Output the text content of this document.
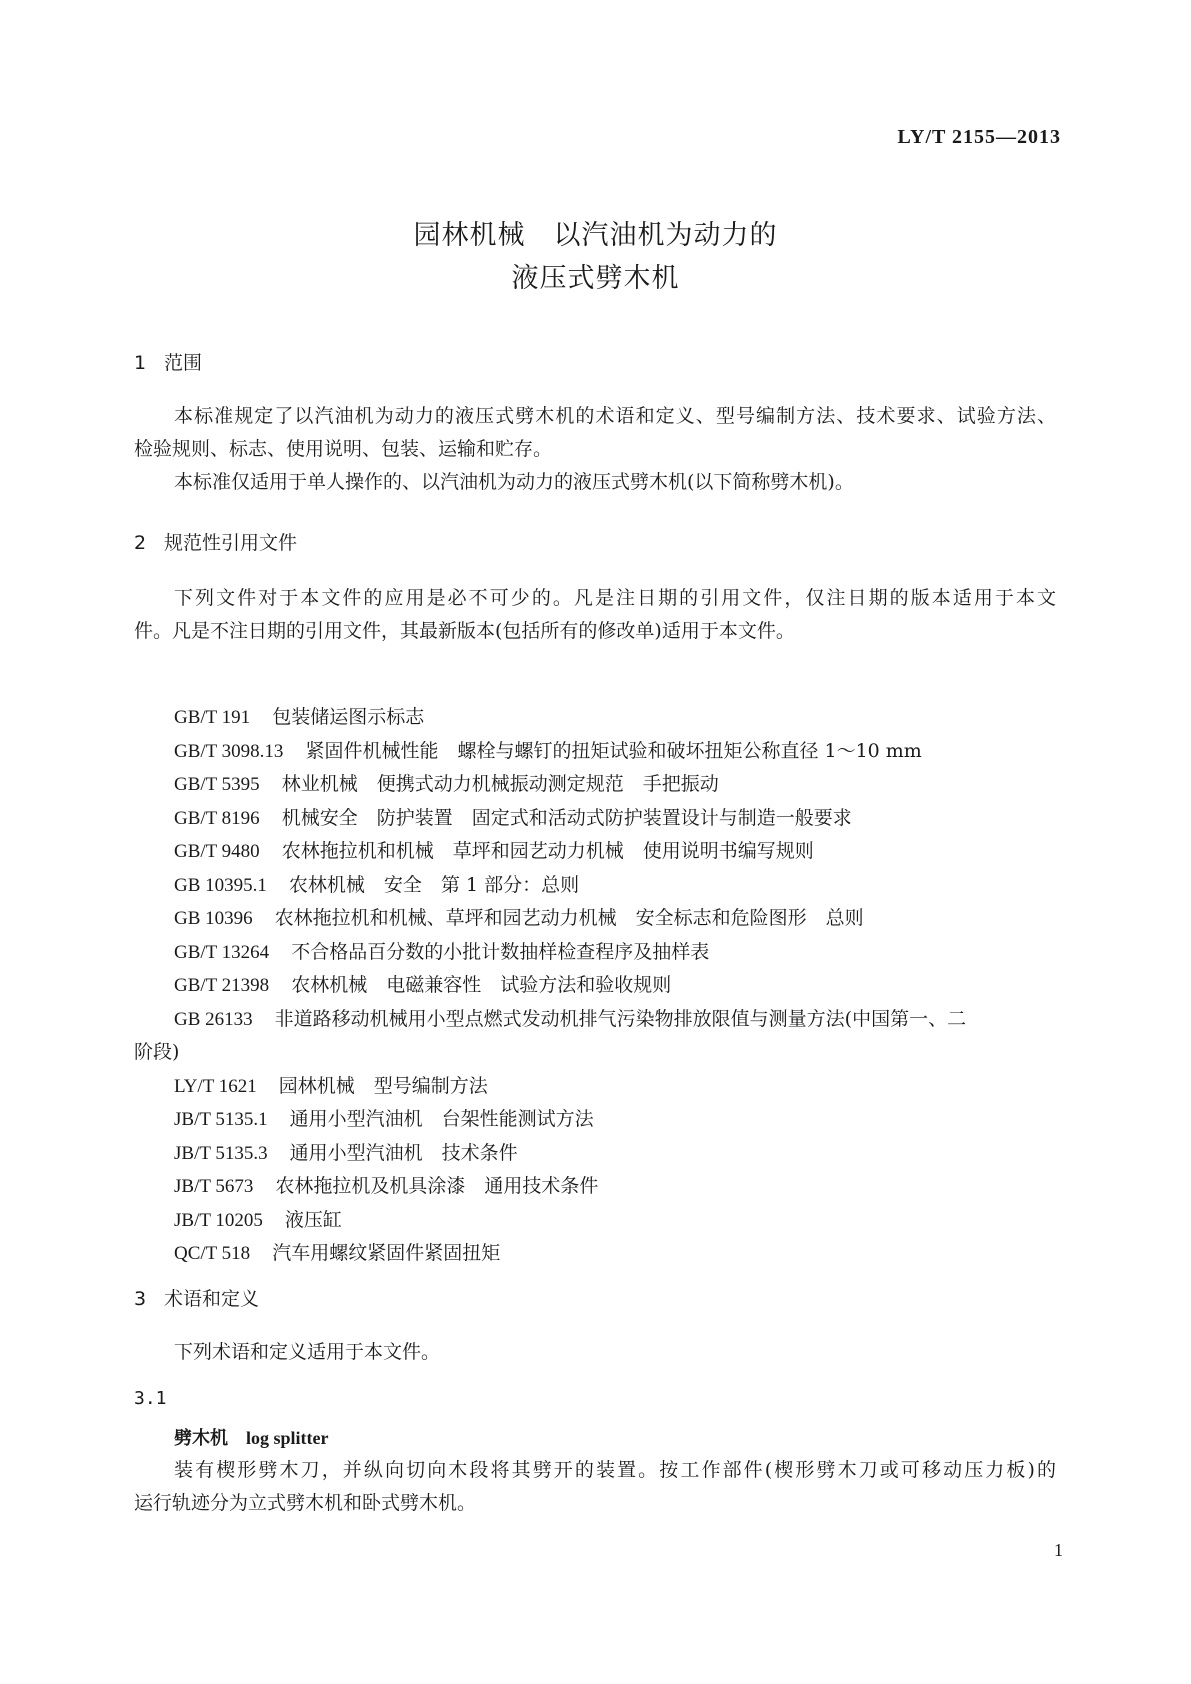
LY/T 2155—2013
园林机械　以汽油机为动力的
液压式劈木机
1 范围
本标准规定了以汽油机为动力的液压式劈木机的术语和定义、型号编制方法、技术要求、试验方法、
检验规则、标志、使用说明、包装、运输和贮存。
本标准仅适用于单人操作的、以汽油机为动力的液压式劈木机(以下简称劈木机)。
2 规范性引用文件
下列文件对于本文件的应用是必不可少的。凡是注日期的引用文件，仅注日期的版本适用于本文
件。凡是不注日期的引用文件，其最新版本(包括所有的修改单)适用于本文件。
GB/T 191 包装储运图示标志
GB/T 3098.13 紧固件机械性能　螺栓与螺钉的扭矩试验和破坏扭矩公称直径 1～10 mm
GB/T 5395 林业机械　便携式动力机械振动测定规范　手把振动
GB/T 8196 机械安全　防护装置　固定式和活动式防护装置设计与制造一般要求
GB/T 9480 农林拖拉机和机械　草坪和园艺动力机械　使用说明书编写规则
GB 10395.1 农林机械　安全　第 1 部分：总则
GB 10396 农林拖拉机和机械、草坪和园艺动力机械　安全标志和危险图形　总则
GB/T 13264 不合格品百分数的小批计数抽样检查程序及抽样表
GB/T 21398 农林机械　电磁兼容性　试验方法和验收规则
GB 26133 非道路移动机械用小型点燃式发动机排气污染物排放限值与测量方法(中国第一、二
阶段)
LY/T 1621 园林机械　型号编制方法
JB/T 5135.1 通用小型汽油机　台架性能测试方法
JB/T 5135.3 通用小型汽油机　技术条件
JB/T 5673 农林拖拉机及机具涂漆　通用技术条件
JB/T 10205 液压缸
QC/T 518 汽车用螺纹紧固件紧固扭矩
3 术语和定义
下列术语和定义适用于本文件。
3.1
劈木机 log splitter
装有楔形劈木刀，并纵向切向木段将其劈开的装置。按工作部件(楔形劈木刀或可移动压力板)的
运行轨迹分为立式劈木机和卧式劈木机。
1
